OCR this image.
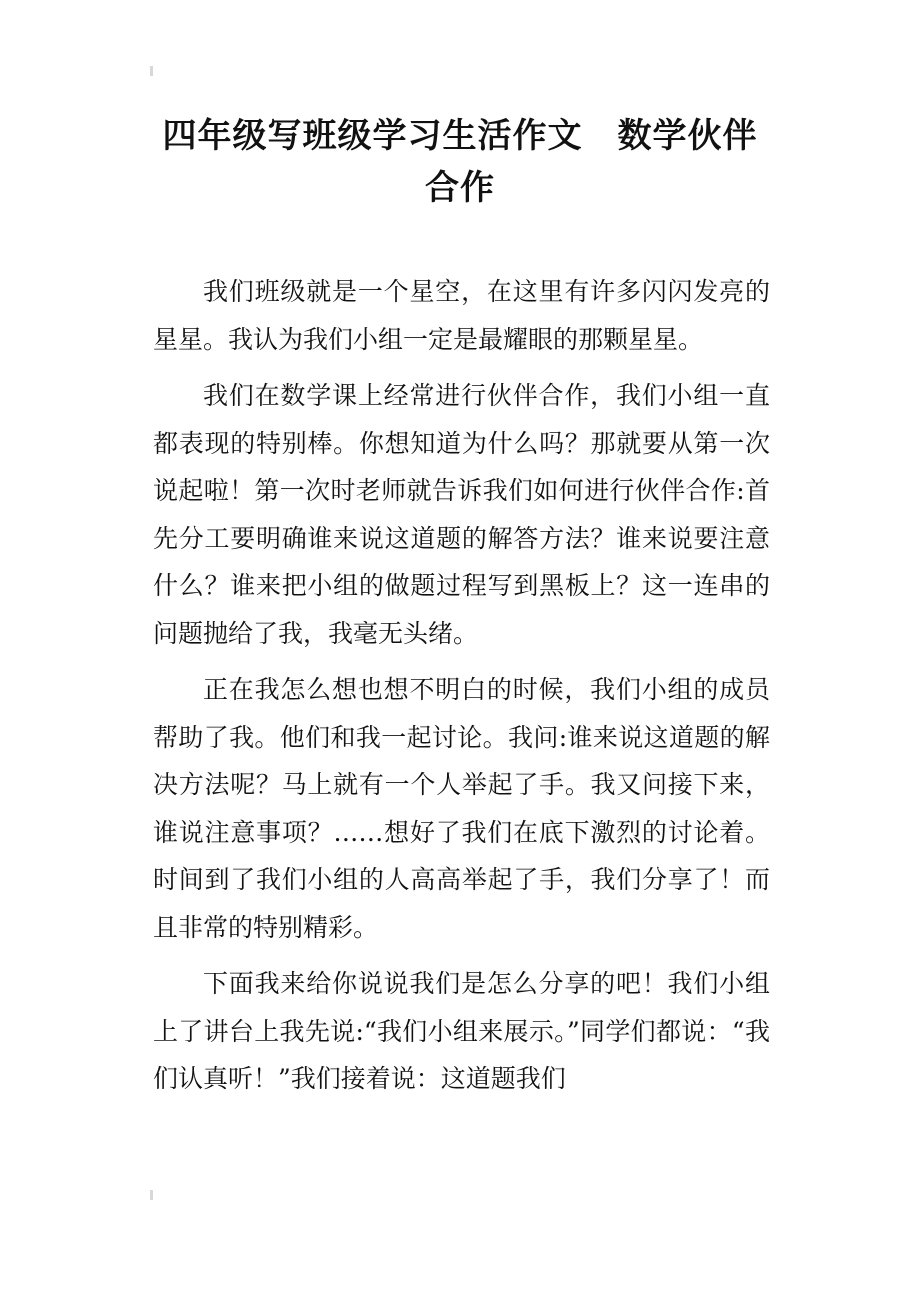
四年级写班级学习生活作文　数学伙伴合作

我们班级就是一个星空，在这里有许多闪闪发亮的星星。我认为我们小组一定是最耀眼的那颗星星。

我们在数学课上经常进行伙伴合作，我们小组一直都表现的特别棒。你想知道为什么吗？那就要从第一次说起啦！第一次时老师就告诉我们如何进行伙伴合作:首先分工要明确谁来说这道题的解答方法？谁来说要注意什么？谁来把小组的做题过程写到黑板上？这一连串的问题抛给了我，我毫无头绪。

正在我怎么想也想不明白的时候，我们小组的成员帮助了我。他们和我一起讨论。我问:谁来说这道题的解决方法呢？马上就有一个人举起了手。我又问接下来，谁说注意事项？……想好了我们在底下激烈的讨论着。时间到了我们小组的人高高举起了手，我们分享了！而且非常的特别精彩。

下面我来给你说说我们是怎么分享的吧！我们小组上了讲台上我先说:“我们小组来展示。”同学们都说：“我们认真听！”我们接着说：这道题我们
